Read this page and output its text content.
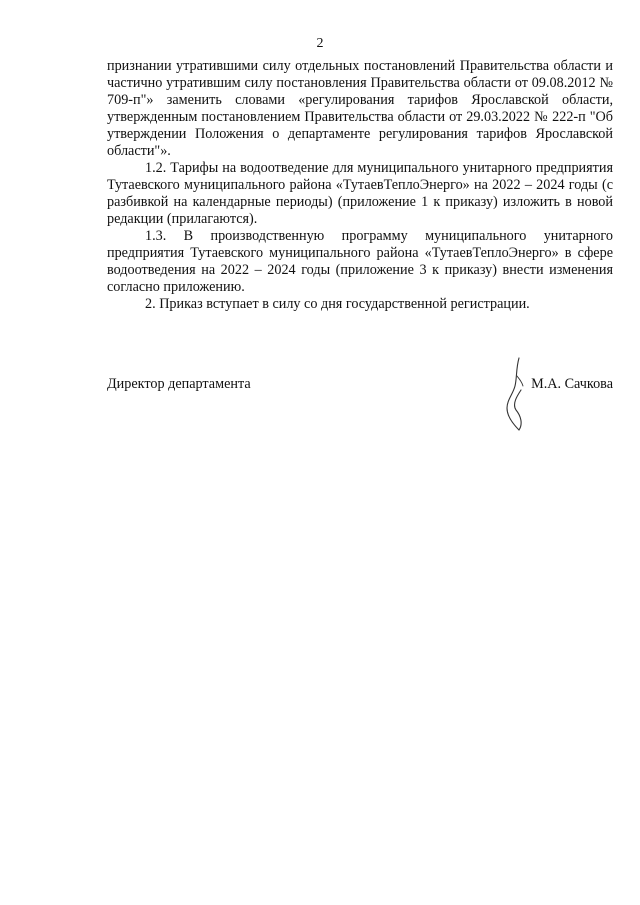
2

признании утратившими силу отдельных постановлений Правительства области и частично утратившим силу постановления Правительства области от 09.08.2012 № 709-п"» заменить словами «регулирования тарифов Ярославской области, утвержденным постановлением Правительства области от 29.03.2022 № 222-п "Об утверждении Положения о департаменте регулирования тарифов Ярославской области"».

1.2. Тарифы на водоотведение для муниципального унитарного предприятия Тутаевского муниципального района «ТутаевТеплоЭнерго» на 2022 – 2024 годы (с разбивкой на календарные периоды) (приложение 1 к приказу) изложить в новой редакции (прилагаются).

1.3. В производственную программу муниципального унитарного предприятия Тутаевского муниципального района «ТутаевТеплоЭнерго» в сфере водоотведения на 2022 – 2024 годы (приложение 3 к приказу) внести изменения согласно приложению.

2. Приказ вступает в силу со дня государственной регистрации.

Директор департамента	М.А. Сачкова
